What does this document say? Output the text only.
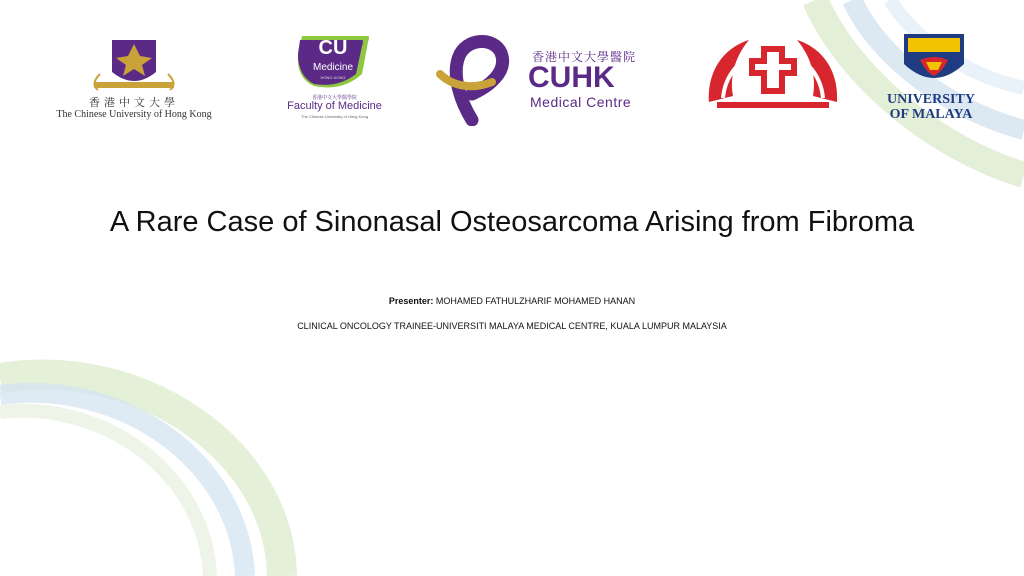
香港中文大學
The Chinese University of Hong Kong
CU
Medicine
HONG KONG
香港中文大學醫學院
Faculty of Medicine
The Chinese University of Hong Kong
香港中文大學醫院
CUHK
Medical Centre	UNIVERSITY
OF MALAYA
A Rare Case of Sinonasal Osteosarcoma Arising from Fibroma
Presenter: MOHAMED FATHULZHARIF MOHAMED HANAN
CLINICAL ONCOLOGY TRAINEE-UNIVERSITI MALAYA MEDICAL CENTRE, KUALA LUMPUR MALAYSIA
